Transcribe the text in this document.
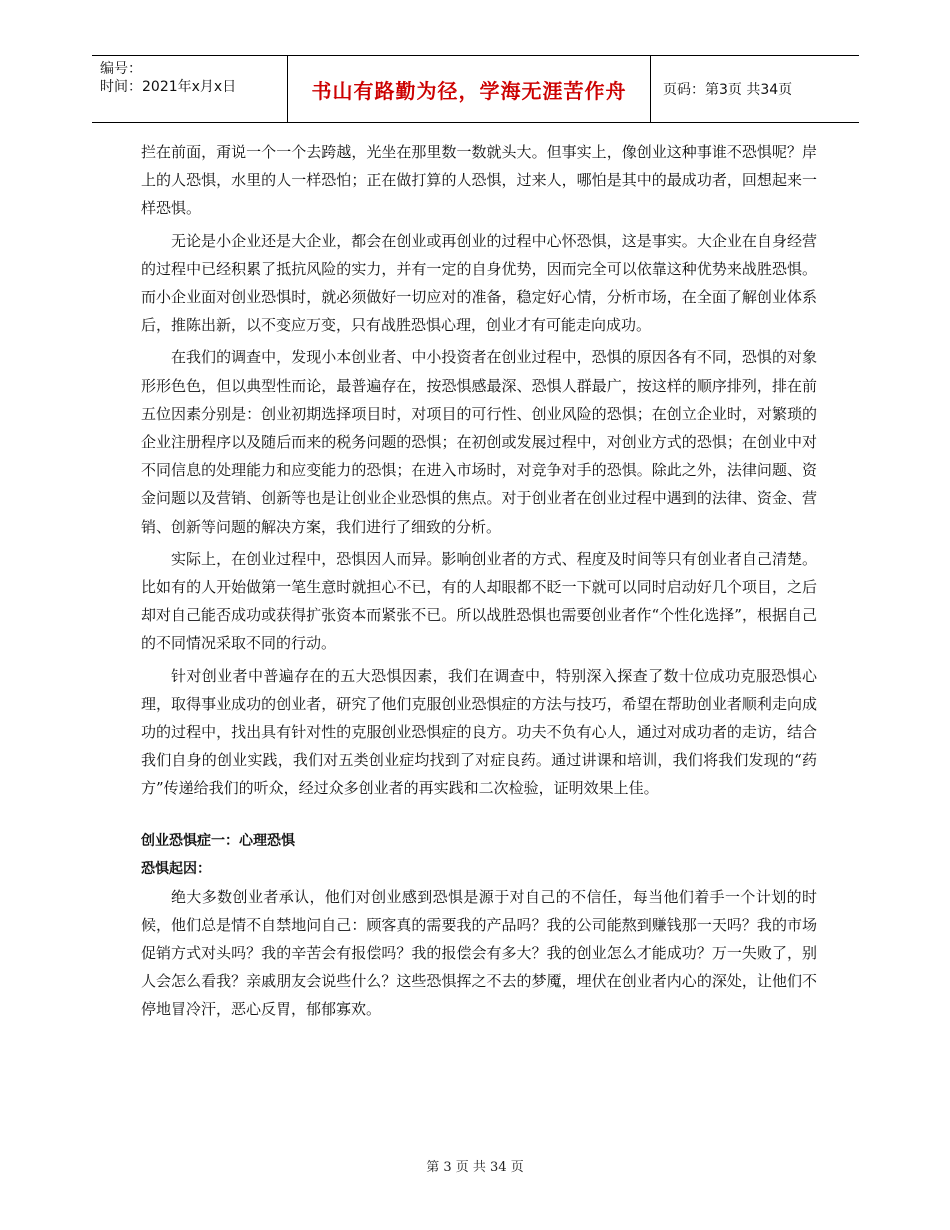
编号：
时间：2021年x月x日	书山有路勤为径，学海无涯苦作舟	页码：第3页 共34页

拦在前面，甭说一个一个去跨越，光坐在那里数一数就头大。但事实上，像创业这种事谁不恐惧呢？岸上的人恐惧，水里的人一样恐怕；正在做打算的人恐惧，过来人，哪怕是其中的最成功者，回想起来一样恐惧。

无论是小企业还是大企业，都会在创业或再创业的过程中心怀恐惧，这是事实。大企业在自身经营的过程中已经积累了抵抗风险的实力，并有一定的自身优势，因而完全可以依靠这种优势来战胜恐惧。而小企业面对创业恐惧时，就必须做好一切应对的准备，稳定好心情，分析市场，在全面了解创业体系后，推陈出新，以不变应万变，只有战胜恐惧心理，创业才有可能走向成功。

在我们的调查中，发现小本创业者、中小投资者在创业过程中，恐惧的原因各有不同，恐惧的对象形形色色，但以典型性而论，最普遍存在，按恐惧感最深、恐惧人群最广，按这样的顺序排列，排在前五位因素分别是：创业初期选择项目时，对项目的可行性、创业风险的恐惧；在创立企业时，对繁琐的企业注册程序以及随后而来的税务问题的恐惧；在初创或发展过程中，对创业方式的恐惧；在创业中对不同信息的处理能力和应变能力的恐惧；在进入市场时，对竞争对手的恐惧。除此之外，法律问题、资金问题以及营销、创新等也是让创业企业恐惧的焦点。对于创业者在创业过程中遇到的法律、资金、营销、创新等问题的解决方案，我们进行了细致的分析。

实际上，在创业过程中，恐惧因人而异。影响创业者的方式、程度及时间等只有创业者自己清楚。比如有的人开始做第一笔生意时就担心不已，有的人却眼都不眨一下就可以同时启动好几个项目，之后却对自己能否成功或获得扩张资本而紧张不已。所以战胜恐惧也需要创业者作“个性化选择”，根据自己的不同情况采取不同的行动。

针对创业者中普遍存在的五大恐惧因素，我们在调查中，特别深入探查了数十位成功克服恐惧心理，取得事业成功的创业者，研究了他们克服创业恐惧症的方法与技巧，希望在帮助创业者顺利走向成功的过程中，找出具有针对性的克服创业恐惧症的良方。功夫不负有心人，通过对成功者的走访，结合我们自身的创业实践，我们对五类创业症均找到了对症良药。通过讲课和培训，我们将我们发现的“药方”传递给我们的听众，经过众多创业者的再实践和二次检验，证明效果上佳。

创业恐惧症一：心理恐惧
恐惧起因：

绝大多数创业者承认，他们对创业感到恐惧是源于对自己的不信任，每当他们着手一个计划的时候，他们总是情不自禁地问自己：顾客真的需要我的产品吗？我的公司能熬到赚钱那一天吗？我的市场促销方式对头吗？我的辛苦会有报偿吗？我的报偿会有多大？我的创业怎么才能成功？万一失败了，别人会怎么看我？亲戚朋友会说些什么？这些恐惧挥之不去的梦魇，埋伏在创业者内心的深处，让他们不停地冒冷汗，恶心反胃，郁郁寡欢。

第 3 页 共 34 页
